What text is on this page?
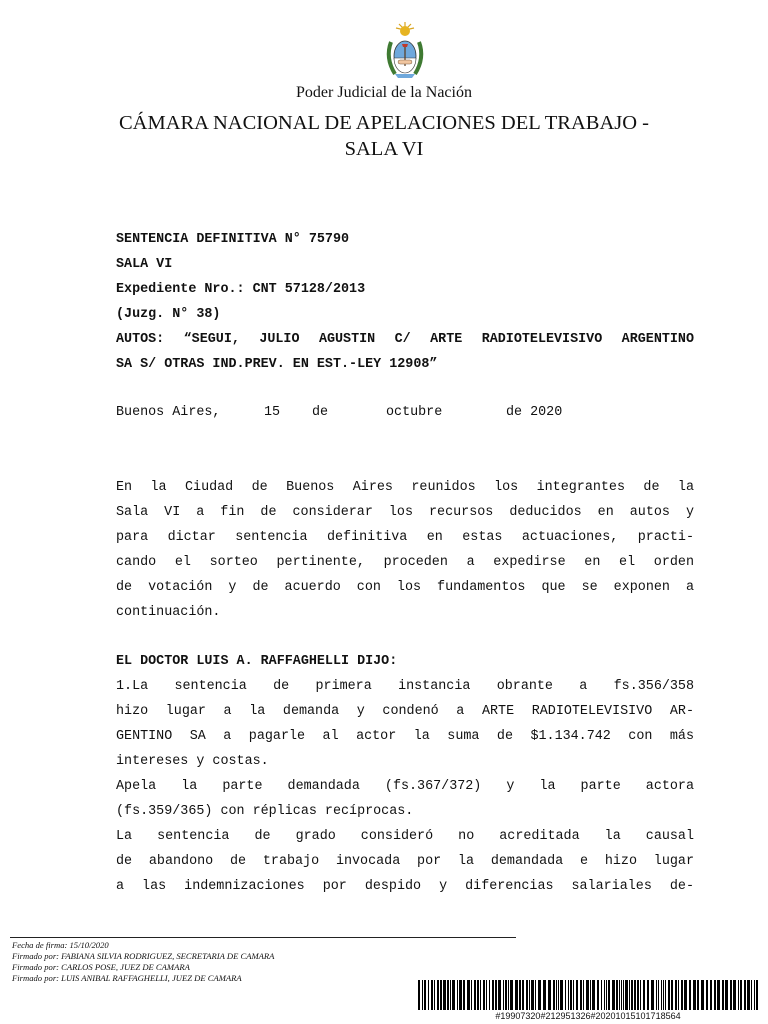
Poder Judicial de la Nación
CÁMARA NACIONAL DE APELACIONES DEL TRABAJO -
SALA VI
SENTENCIA DEFINITIVA N° 75790
SALA VI
Expediente Nro.: CNT 57128/2013
(Juzg. N° 38)
AUTOS: “SEGUI, JULIO AGUSTIN C/ ARTE RADIOTELEVISIVO ARGENTINO
SA S/ OTRAS IND.PREV. EN EST.-LEY 12908”
Buenos Aires,	15 de	octubre	de 2020
En la Ciudad de Buenos Aires reunidos los integrantes de la
Sala VI a fin de considerar los recursos deducidos en autos y
para dictar sentencia definitiva en estas actuaciones, practi-
cando el sorteo pertinente, proceden a expedirse en el orden
de votación y de acuerdo con los fundamentos que se exponen a
continuación.
EL DOCTOR LUIS A. RAFFAGHELLI DIJO:
1.La sentencia de primera instancia obrante a fs.356/358
hizo lugar a la demanda y condenó a ARTE RADIOTELEVISIVO AR-
GENTINO SA a pagarle al actor la suma de $1.134.742 con más
intereses y costas.
Apela la parte demandada (fs.367/372) y la parte actora
(fs.359/365) con réplicas recíprocas.
La sentencia de grado consideró no acreditada la causal
de abandono de trabajo invocada por la demandada e hizo lugar
a las indemnizaciones por despido y diferencias salariales de-
Fecha de firma: 15/10/2020
Firmado por: FABIANA SILVIA RODRIGUEZ, SECRETARIA DE CAMARA
Firmado por: CARLOS POSE, JUEZ DE CAMARA
Firmado por: LUIS ANIBAL RAFFAGHELLI, JUEZ DE CAMARA
#19907320#212951326#20201015101718564
